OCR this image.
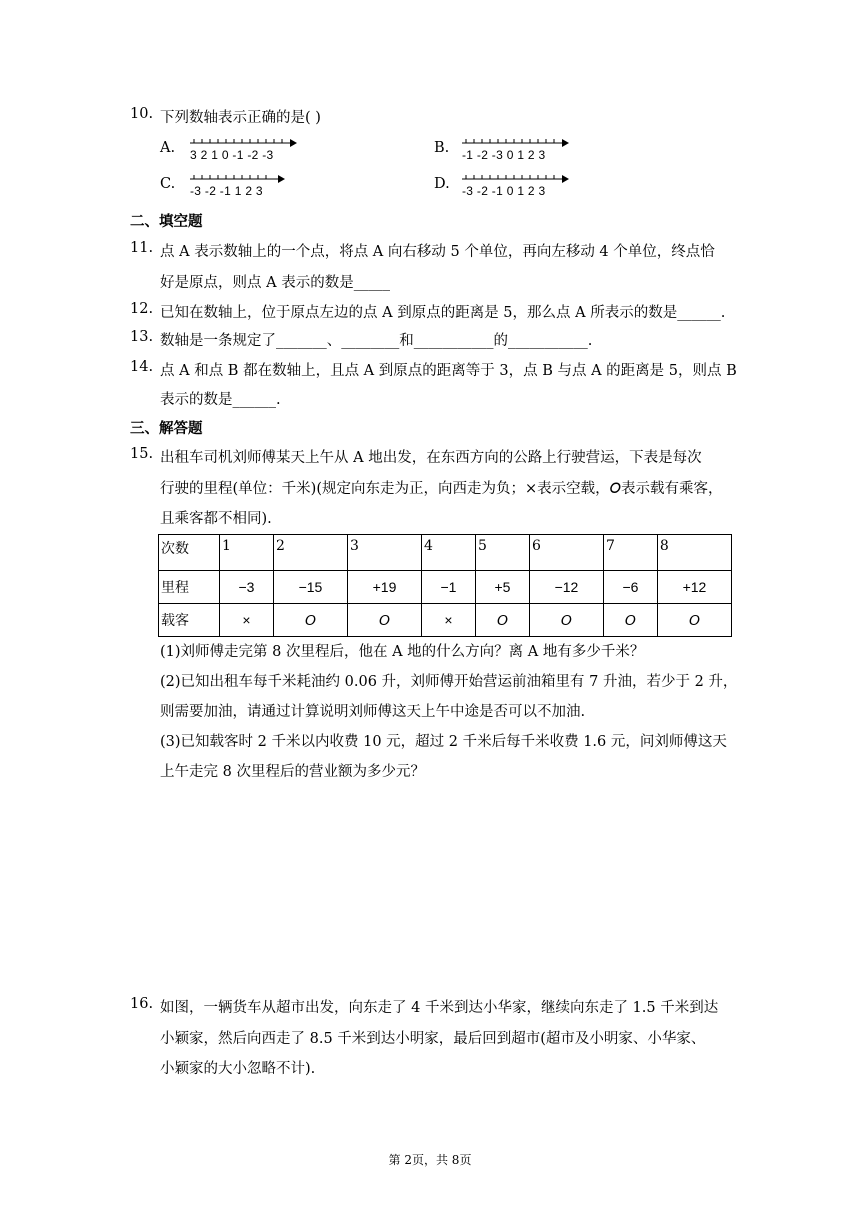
10. 下列数轴表示正确的是( )
A. 3 2 1 0 -1 -2 -3	B. -1 -2 -3 0 1 2 3
C. -3 -2 -1 1 2 3	D. -3 -2 -1 0 1 2 3
二、填空题
11. 点 A 表示数轴上的一个点，将点 A 向右移动 5 个单位，再向左移动 4 个单位，终点恰
好是原点，则点 A 表示的数是_____
12. 已知在数轴上，位于原点左边的点 A 到原点的距离是 5，那么点 A 所表示的数是______.
13. 数轴是一条规定了_______、________和___________的___________.
14. 点 A 和点 B 都在数轴上，且点 A 到原点的距离等于 3，点 B 与点 A 的距离是 5，则点 B
表示的数是______.
三、解答题
15. 出租车司机刘师傅某天上午从 A 地出发，在东西方向的公路上行驶营运，下表是每次
行驶的里程(单位：千米)(规定向东走为正，向西走为负；×表示空载，𝘖表示载有乘客，
且乘客都不相同).
次数	1	2	3	4	5	6	7	8
里程	−3	−15	+19	−1	+5	−12	−6	+12
载客	×	𝘖	𝘖	×	𝘖	𝘖	𝘖	𝘖
(1)刘师傅走完第 8 次里程后，他在 A 地的什么方向？离 A 地有多少千米？
(2)已知出租车每千米耗油约 0.06 升，刘师傅开始营运前油箱里有 7 升油，若少于 2 升，
则需要加油，请通过计算说明刘师傅这天上午中途是否可以不加油.
(3)已知载客时 2 千米以内收费 10 元，超过 2 千米后每千米收费 1.6 元，问刘师傅这天
上午走完 8 次里程后的营业额为多少元？
16. 如图，一辆货车从超市出发，向东走了 4 千米到达小华家，继续向东走了 1.5 千米到达
小颖家，然后向西走了 8.5 千米到达小明家，最后回到超市(超市及小明家、小华家、
小颖家的大小忽略不计).
第 2页，共 8页
